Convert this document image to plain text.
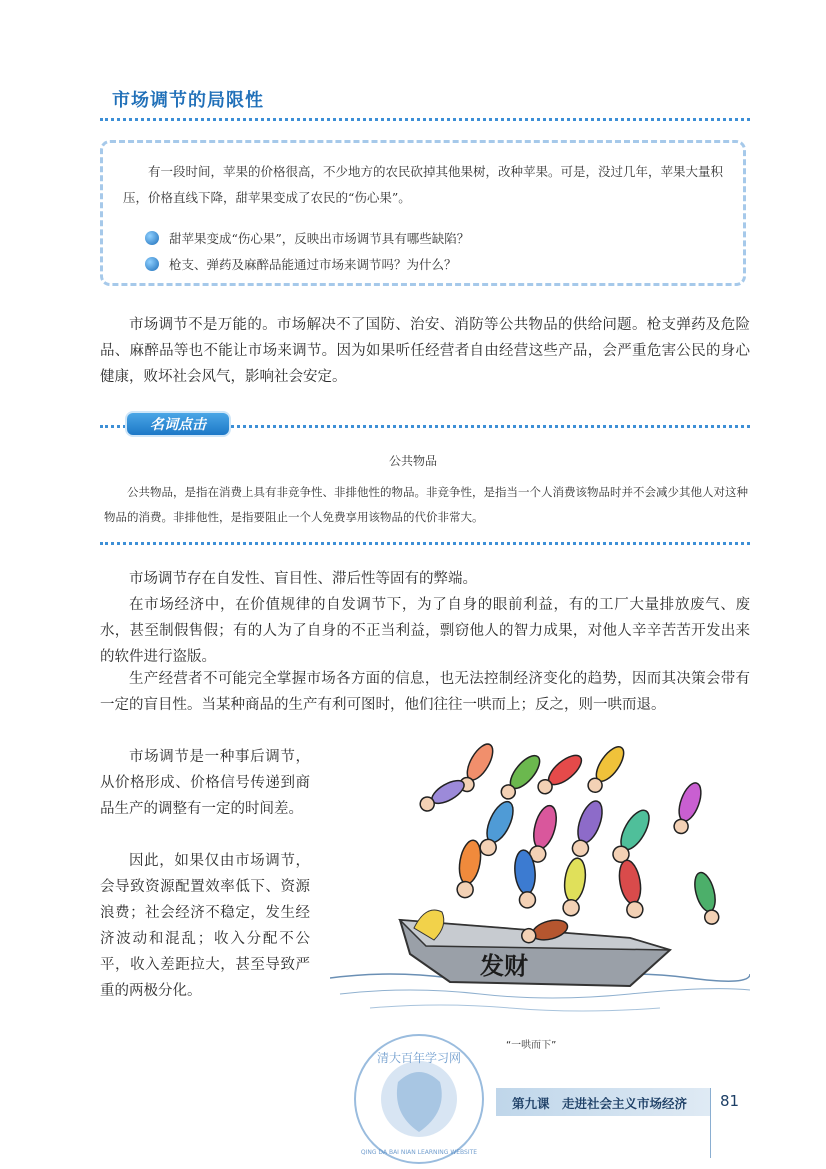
市场调节的局限性

有一段时间，苹果的价格很高，不少地方的农民砍掉其他果树，改种苹果。可是，没过几年，苹果大量积压，价格直线下降，甜苹果变成了农民的“伤心果”。

甜苹果变成“伤心果”，反映出市场调节具有哪些缺陷？
枪支、弹药及麻醉品能通过市场来调节吗？为什么？

市场调节不是万能的。市场解决不了国防、治安、消防等公共物品的供给问题。枪支弹药及危险品、麻醉品等也不能让市场来调节。因为如果听任经营者自由经营这些产品，会严重危害公民的身心健康，败坏社会风气，影响社会安定。

名词点击
公共物品

公共物品，是指在消费上具有非竞争性、非排他性的物品。非竞争性，是指当一个人消费该物品时并不会减少其他人对这种物品的消费。非排他性，是指要阻止一个人免费享用该物品的代价非常大。

市场调节存在自发性、盲目性、滞后性等固有的弊端。

在市场经济中，在价值规律的自发调节下，为了自身的眼前利益，有的工厂大量排放废气、废水，甚至制假售假；有的人为了自身的不正当利益，剽窃他人的智力成果，对他人辛辛苦苦开发出来的软件进行盗版。

生产经营者不可能完全掌握市场各方面的信息，也无法控制经济变化的趋势，因而其决策会带有一定的盲目性。当某种商品的生产有利可图时，他们往往一哄而上；反之，则一哄而退。

市场调节是一种事后调节，从价格形成、价格信号传递到商品生产的调整有一定的时间差。

因此，如果仅由市场调节，会导致资源配置效率低下、资源浪费；社会经济不稳定，发生经济波动和混乱；收入分配不公平，收入差距拉大，甚至导致严重的两极分化。

发财
“一哄而下”
清大百年学习网
QING DA BAI NIAN LEARNING WEBSITE
第九课　走进社会主义市场经济 81
